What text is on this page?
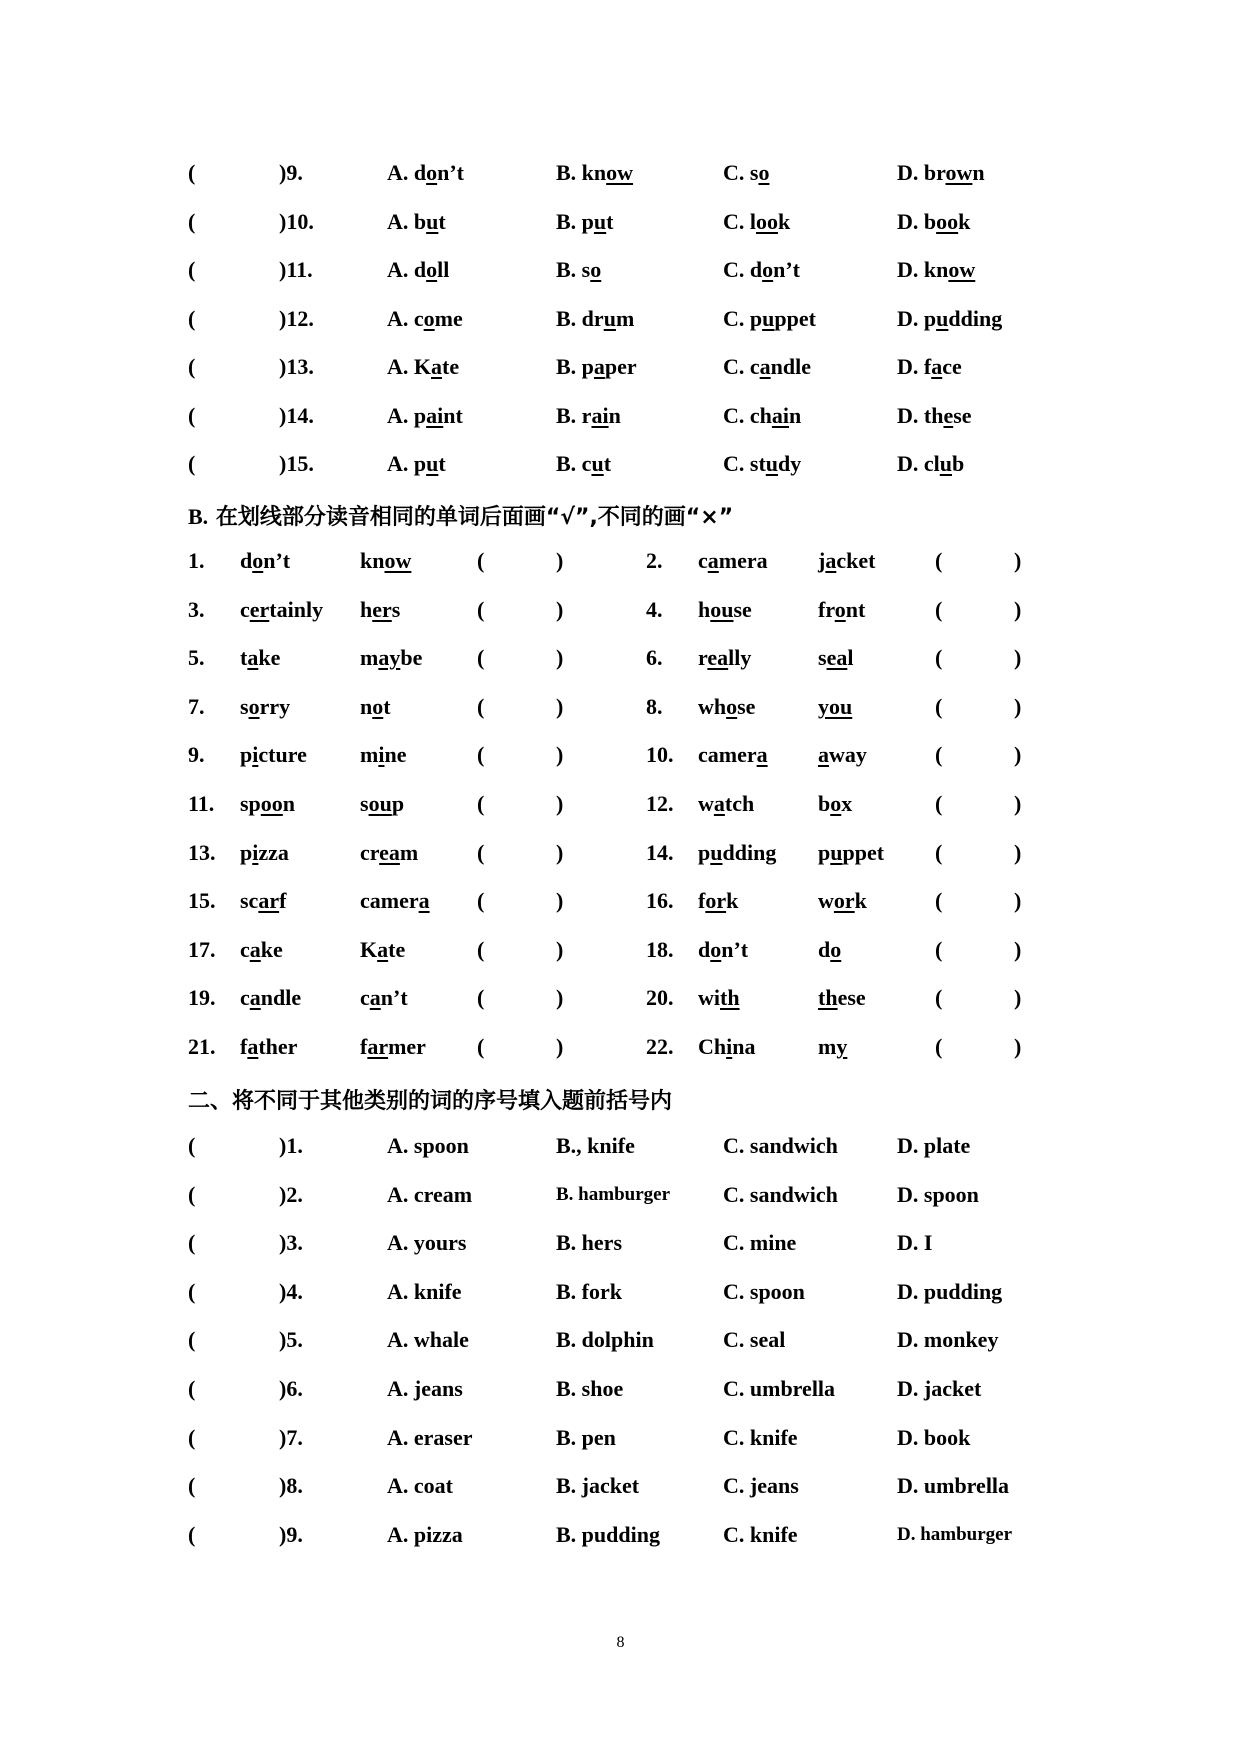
(	)9.	A. don’t	B. know	C. so	D. brown
(	)10.	A. but	B. put	C. look	D. book
(	)11.	A. doll	B. so	C. don’t	D. know
(	)12.	A. come	B. drum	C. puppet	D. pudding
(	)13.	A. Kate	B. paper	C. candle	D. face
(	)14.	A. paint	B. rain	C. chain	D. these
(	)15.	A. put	B. cut	C. study	D. club
B. 在划线部分读音相同的单词后面画“√”,不同的画“×”
1. don’t	know	(	)	2. camera jacket	(	)
3. certainly hers	(	)	4. house	front	(	)
5. take	maybe (	)	6. really	seal	(	)
7. sorry	not	(	)	8. whose	you	(	)
9. picture mine	(	)	10. camera away	(	)
11. spoon	soup	(	)	12. watch	box	(	)
13. pizza	cream	(	)	14. pudding puppet (	)
15. scarf	camera (	)	16. fork	work	(	)
17. cake	Kate	(	)	18. don’t	do	(	)
19. candle	can’t	(	)	20. with	these	(	)
21. father	farmer (	)	22. China	my	(	)
二、将不同于其他类别的词的序号填入题前括号内
(	)1.	A. spoon	B., knife	C. sandwich	D. plate
(	)2.	A. cream	B. hamburger C. sandwich	D. spoon
(	)3.	A. yours	B. hers	C. mine	D. I
(	)4.	A. knife	B. fork	C. spoon	D. pudding
(	)5.	A. whale	B. dolphin	C. seal	D. monkey
(	)6.	A. jeans	B. shoe	C. umbrella	D. jacket
(	)7.	A. eraser	B. pen	C. knife	D. book
(	)8.	A. coat	B. jacket	C. jeans	D. umbrella
(	)9.	A. pizza	B. pudding	C. knife	D. hamburger
8
